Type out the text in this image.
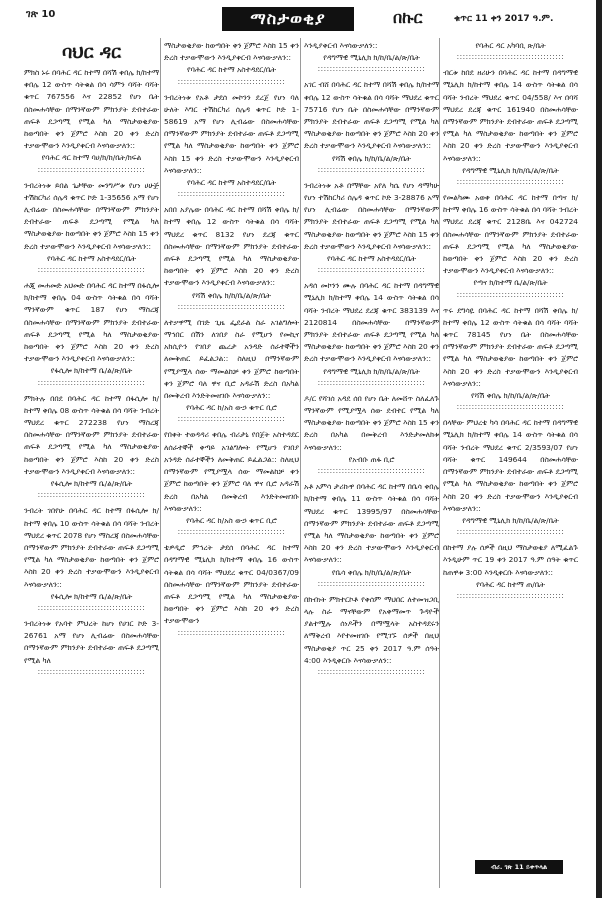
ገጽ 10	ማስታወቂያ	በኩር	ቁጥር 11 ቀን 2017 ዓ.ም.
ባህር ዳር

ምክስ ኑሩ በባሕር ዳር ከተማ በሻሽ ቀበሌ ክ/ከተማ ቀበሌ 12 ውስጥ ሳትቁል በሳ ሳምን ባሻት ባሻት ቁጥር 767556 እና 22852 የሆነ ቤት በስመሐሳቸው በማንኛውም ምክንያት ደብተራው ጠፍቶ ደጋጣሚ የሚል ካለ ማስታወቂያው ከወጣበት ቀን ጀምሮ እስከ 20 ቀን ድረስ ተቃውሞውን እንዲያቀርብ እናሳውቃለን::

የባሕር ዳር ከተማ ባሀ/ክ/ከ/ቤት/ክፍል

::::::::::::::::::::::::::::::::::::

ንብረትነቱ ይበል ጌታቸው መንግሥቱ የሆነ ሀሁጅ ተሽከርካሪ ሰሌዳ ቁጥር ኮድ 1-35656 አማ የሆነ ሊብሬው በስመሐሳቸው በማንኛውም ምክንያት ደብተራው ጠፍቶ ደጋጣሚ የሚል ካለ ማስታወቂያው ከወጣበት ቀን ጀምሮ እስከ 15 ቀን ድረስ ተቃውሞውን እንዲያቀርብ እናሳውቃለን::

የባሕር ዳር ከተማ አስተዳደር/ቤት

::::::::::::::::::::::::::::::::::::

ሐጂ መሐመድ አህመድ በባሕር ዳር ከተማ በፋሲሎ ክ/ከተማ ቀበሌ 04 ውስጥ ሳትቁል በሳ ባሻት ማንኛውም ቁጥር 187 የሆነ ማስረጃ በስመሐሳቸው በማንኛውም ምክንያት ደብተራው ጠፍቶ ደጋጣሚ የሚል ካለ ማስታወቂያው ከወጣበት ቀን ጀምሮ እስከ 20 ቀን ድረስ ተቃውሞውን እንዲያቀርብ እናሳውቃለን::

የፋሲሎ ክ/ከተማ ቤ/ል/ጽ/ቤት

::::::::::::::::::::::::::::::::::::

ምክትሉ በበደ በባሕር ዳር ከተማ በፋሲሎ ክ/ከተማ ቀበሌ 08 ውስጥ ሳትቁል በሳ ባሻት ንብረት ማህደረ ቁጥር 272238 የሆነ ማስረጃ በስመሐሳቸው በማንኛውም ምክንያት ደብተራው ጠፍቶ ደጋጣሚ የሚል ካለ ማስታወቂያው ከወጣበት ቀን ጀምሮ እስከ 20 ቀን ድረስ ተቃውሞውን እንዲያቀርብ እናሳውቃለን::

የፋሲሎ ክ/ከተማ ቤ/ል/ጽ/ቤት

::::::::::::::::::::::::::::::::::::

ንብረት ገበየሁ በባሕር ዳር ከተማ በፋሲሎ ክ/ከተማ ቀበሌ 10 ውስጥ ሳትቁል በሳ ባሻት ንብረት ማህደረ ቁጥር 2078 የሆነ ማስረጃ በስመሐሳቸው በማንኛውም ምክንያት ደብተራው ጠፍቶ ደጋጣሚ የሚል ካለ ማስታወቂያው ከወጣበት ቀን ጀምሮ እስከ 20 ቀን ድረስ ተቃውሞውን እንዲያቀርብ እናሳውቃለን::

የፋሲሎ ክ/ከተማ ቤ/ል/ጽ/ቤት

::::::::::::::::::::::::::::::::::::

ንብረትነቱ የአባተ ምህረት ከሆነ የሀገር ኮድ 3-26761 አማ የሆነ ሊብሬው በስመሐሳቸው በማንኛውም ምክንያት ደብተራው ጠፍቶ ደጋጣሚ የሚል ካለ

::::::::::::::::::::::::::::::::::::

ማስታወቂያው ከወጣበት ቀን ጀምሮ እስከ 15 ቀን ድረስ ተቃውሞውን እንዲያቀርብ እናሳውቃለን::

የባሕር ዳር ከተማ አስተዳደር/ቤት

::::::::::::::::::::::::::::::::::::

ንብረትነቱ የአቶ ታደሰ መኮንን ደረጀ የሆነ ባለ ሁለት እግር ተሽከርካሪ ሰሌዳ ቁጥር ኮድ 1-58619 አማ የሆነ ሊብሬው በስመሐሳቸው በማንኛውም ምክንያት ደብተራው ጠፍቶ ደጋጣሚ የሚል ካለ ማስታወቂያው ከወጣበት ቀን ጀምሮ እስከ 15 ቀን ድረስ ተቃውሞውን እንዲያቀርብ እናሳውቃለን::

የባሕር ዳር ከተማ አስተዳደር/ቤት

::::::::::::::::::::::::::::::::::::

አበበ አያሌው በባሕር ዳር ከተማ በሻሽ ቀበሌ ክ/ከተማ ቀበሌ 12 ውስጥ ሳትቁል በሳ ባሻት ማህደረ ቁጥር 8132 የሆነ ደረጃ ቁጥር በስመሐሳቸው በማንኛውም ምክንያት ደብተራው ጠፍቶ ደጋጣሚ የሚል ካለ ማስታወቂያው ከወጣበት ቀን ጀምሮ እስከ 20 ቀን ድረስ ተቃውሞውን እንዲያቀርብ እናሳውቃለን::

የሻሽ ቀበሌ ክ/ከ/ቤ/ል/ጽ/ቤት

::::::::::::::::::::::::::::::::::::

ለተቃዋሚ በገድ ጊዜ ፌደራል ስራ አገልግሎት ማኅበር በሽን ለገበያ ስራ የሚሆን የመኪና አክሲዮን የገበያ ጨረታ አንዳድ ሰራተኞችን ለመቅጠር ይፈልጋል:: ስለዚህ በማንኛውም የሚያሟላ ሰው ማመልከቻ ቀን ጀምሮ ከወጣበት ቀን ጀምሮ ባለ ዋና ቢሮ አዳራሽ ድረስ በአካል በመቅረብ እንድትመዘገቡ እናሳውቃለን::

የባሕር ዳር ከ/አስ ውኃ ቁጥር ቢሮ

::::::::::::::::::::::::::::::::::::

የበቀት ተወዳዳሪ ቀበሌ ብሪታኒ የበጀት አስተዳደር ለሰራተኞች ቀጣይ አገልግሎት የሚሆን የገበያ አንዳድ ሰራተኞችን ለመቅጠር ይፈልጋል:: ስለዚህ በማንኛውም የሚያሟላ ሰው ማመልከቻ ቀን ጀምሮ ከወጣበት ቀን ጀምሮ ባለ ዋና ቢሮ አዳራሽ ድረስ በአካል በመቅረብ እንድትመዘገቡ እናሳውቃለን::

የባሕር ዳር ከ/አስ ውኃ ቁጥር ቢሮ

::::::::::::::::::::::::::::::::::::

ቴዎዲሮ ምኅረት ታደሰ በባሕር ዳር ከተማ በዳግማዊ ሚኒሊክ ክ/ከተማ ቀበሌ 16 ውስጥ ሳትቁል በሳ ባሻት ማህደረ ቁጥር 04/0367/09 በስመሐሳቸው በማንኛውም ምክንያት ደብተራው ጠፍቶ ደጋጣሚ የሚል ካለ ማስታወቂያው ከወጣበት ቀን ጀምሮ እስከ 20 ቀን ድረስ ተቃውሞውን

::::::::::::::::::::::::::::::::::::

እንዲያቀርብ እናሳውቃለን::

የዳግማዊ ሚኒሊክ ክ/ከ/ቤ/ል/ጽ/ቤት

::::::::::::::::::::::::::::::::::::

አገር ብሸ በባሕር ዳር ከተማ በሻሽ ቀበሌ ክ/ከተማ ቀበሌ 12 ውስጥ ሳትቁል በሳ ባሻት ማህደረ ቁጥር 75716 የሆነ ቤት በስመሐሳቸው በማንኛውም ምክንያት ደብተራው ጠፍቶ ደጋጣሚ የሚል ካለ ማስታወቂያው ከወጣበት ቀን ጀምሮ እስከ 20 ቀን ድረስ ተቃውሞውን እንዲያቀርብ እናሳውቃለን::

የሻሽ ቀበሌ ክ/ከ/ቤ/ል/ጽ/ቤት

::::::::::::::::::::::::::::::::::::

ንብረትነቱ አቶ በማቸው አየለ ካሴ የሆነ ዳማካሁ የሆነ ተሽከርካሪ ሰሌዳ ቁጥር ኮድ 3-28876 አማ የሆነ ሊብሬው በስመሐሳቸው በማንኛውም ምክንያት ደብተራው ጠፍቶ ደጋጣሚ የሚል ካለ ማስታወቂያው ከወጣበት ቀን ጀምሮ እስከ 15 ቀን ድረስ ተቃውሞውን እንዲያቀርብ እናሳውቃለን::

የባሕር ዳር ከተማ አስተዳደር/ቤት

::::::::::::::::::::::::::::::::::::

አዳሰ መኮንን ሙሉ በባሕር ዳር ከተማ በዳግማዊ ሚኒሊክ ክ/ከተማ ቀበሌ 14 ውስጥ ሳትቁል በሳ ባሻት ንብረት ማህደረ ደረጃ ቁጥር 383139 እና 2120814 በስመሐሳቸው በማንኛውም ምክንያት ደብተራው ጠፍቶ ደጋጣሚ የሚል ካለ ማስታወቂያው ከወጣበት ቀን ጀምሮ እስከ 20 ቀን ድረስ ተቃውሞውን እንዲያቀርብ እናሳውቃለን::

የዳግማዊ ሚኒሊክ ክ/ከ/ቤ/ል/ጽ/ቤት

::::::::::::::::::::::::::::::::::::

ዶ/ር የሻገሰ አዳደ ሰበ የሆነ ቤት ለመሸጥ ስለፈለጉ ማንኛውም የሚያሟላ ሰው ደብተር የሚል ካለ ማስታወቂያው ከወጣበት ቀን ጀምሮ እስከ 15 ቀን ድረስ በአካል በመቅረብ እንድታመለክቱ እናሳውቃለን::

የአብቡ ጠፋ ቢሮ

::::::::::::::::::::::::::::::::::::

አቶ አምሳ ታሪኩዋ በባሕር ዳር ከተማ በቤሳ ቀበሌ ክ/ከተማ ቀበሌ 11 ውስጥ ሳትቁል በሳ ባሻት ማህደረ ቁጥር 13995/97 በስመሐሳቸው በማንኛውም ምክንያት ደብተራው ጠፍቶ ደጋጣሚ የሚል ካለ ማስታወቂያው ከወጣበት ቀን ጀምሮ እስከ 20 ቀን ድረስ ተቃውሞውን እንዲያቀርብ እናሳውቃለን::

የቤሳ ቀበሌ ክ/ከ/ቤ/ል/ጽ/ቤት

::::::::::::::::::::::::::::::::::::

በክብነት ምክተርኮቶ የቀሰም ማህበር ለተመዝጋቢ ላሉ ስራ ማናቸውም የአቀማመጥ ጉዳዮች ያልተሟሉ ሰነዶችን በማሟላት አስተዳደሩን ለማቅረብ እየተመዘገቡ የሚገኙ ሰዎች በዚህ ማስታወቂያ ጥር 25 ቀን 2017 ዓ.ም ሰዓት 4:00 እንዲቀርቡ እናሳውቃለን::

::::::::::::::::::::::::::::::::::::

የባሕር ዳር አካባቢ ጽ/ቤት

::::::::::::::::::::::::::::::::::::

ብርቱ ከበደ ዘሪሁን በባሕር ዳር ከተማ በዳግማዊ ሚኒሊክ ክ/ከተማ ቀበሌ 14 ውስጥ ሳትቁል በሳ ባሻት ንብረት ማህደረ ቁጥር 04/558/ እና በባሻ ማህደረ ደረጃ ቁጥር 161940 በስመሐሳቸው በማንኛውም ምክንያት ደብተራው ጠፍቶ ደጋጣሚ የሚል ካለ ማስታወቂያው ከወጣበት ቀን ጀምሮ እስከ 20 ቀን ድረስ ተቃውሞውን እንዲያቀርብ እናሳውቃለን::

የዳግማዊ ሚኒሊክ ክ/ከ/ቤ/ል/ጽ/ቤት

::::::::::::::::::::::::::::::::::::

የመልካሙ አወቀ በባሕር ዳር ከተማ በጣና ክ/ከተማ ቀበሌ 16 ውስጥ ሳትቁል በሳ ባሻት ንብረት ማህደረ ደረጃ ቁጥር 2128ቤ እና 042724 በስመሐሳቸው በማንኛውም ምክንያት ደብተራው ጠፍቶ ደጋጣሚ የሚል ካለ ማስታወቂያው ከወጣበት ቀን ጀምሮ እስከ 20 ቀን ድረስ ተቃውሞውን እንዲያቀርብ እናሳውቃለን::

የጣና ክ/ከተማ ቤ/ል/ጽ/ቤት

::::::::::::::::::::::::::::::::::::

ጥሩ ደግሳዬ በባሕር ዳር ከተማ በሻሽ ቀበሌ ክ/ከተማ ቀበሌ 12 ውስጥ ሳትቁል በሳ ባሻት ባሻት ቁጥር 78145 የሆነ ቤት በስመሐሳቸው በማንኛውም ምክንያት ደብተራው ጠፍቶ ደጋጣሚ የሚል ካለ ማስታወቂያው ከወጣበት ቀን ጀምሮ እስከ 20 ቀን ድረስ ተቃውሞውን እንዲያቀርብ እናሳውቃለን::

የሻሽ ቀበሌ ክ/ከ/ቤ/ል/ጽ/ቤት

::::::::::::::::::::::::::::::::::::

በላቸው ምህረቴ ካሳ በባሕር ዳር ከተማ በዳግማዊ ሚኒሊክ ክ/ከተማ ቀበሌ 14 ውስጥ ሳትቁል በሳ ባሻት ንብረት ማህደረ ቁጥር 2/3593/07 የሆነ ባሻት ቁጥር 149644 በስመሐሳቸው በማንኛውም ምክንያት ደብተራው ጠፍቶ ደጋጣሚ የሚል ካለ ማስታወቂያው ከወጣበት ቀን ጀምሮ እስከ 20 ቀን ድረስ ተቃውሞውን እንዲያቀርብ እናሳውቃለን::

የዳግማዊ ሚኒሊክ ክ/ከ/ቤ/ል/ጽ/ቤት

::::::::::::::::::::::::::::::::::::

በከተማ ያሉ ሰዎች በዚህ ማስታወቂያ ለሚፈልጉ እንዲሁም ጥር 19 ቀን 2017 ዓ.ም ሰዓት ቁጥር ከጠዋቱ 3:00 እንዲቀርቡ እናሳውቃለን::

የባሕር ዳር ከተማ ጠ/ቤት

::::::::::::::::::::::::::::::::::::
ብሪ. ገጽ 11 ይቀጥላል
